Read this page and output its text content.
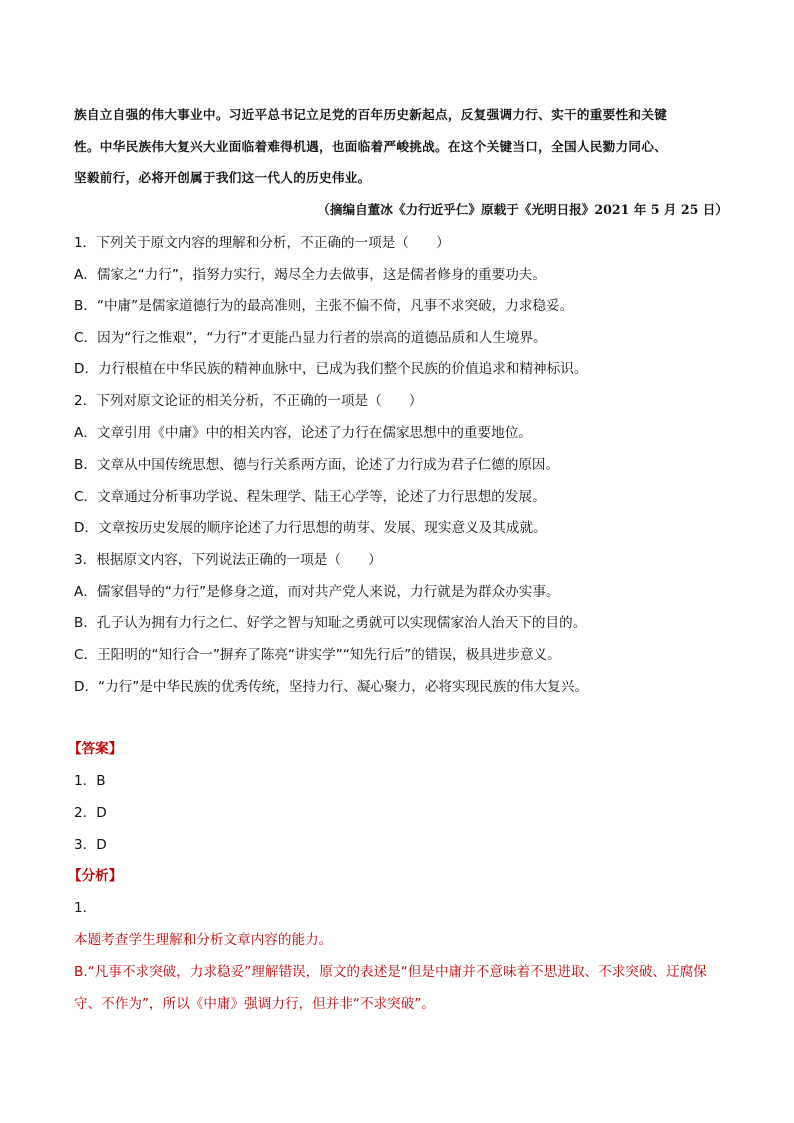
族自立自强的伟大事业中。习近平总书记立足党的百年历史新起点，反复强调力行、实干的重要性和关键
性。中华民族伟大复兴大业面临着难得机遇，也面临着严峻挑战。在这个关键当口，全国人民勠力同心、
坚毅前行，必将开创属于我们这一代人的历史伟业。
（摘编自董冰《力行近乎仁》原载于《光明日报》2021 年 5 月 25 日）
1．下列关于原文内容的理解和分析，不正确的一项是（　　）
A．儒家之“力行”，指努力实行，竭尽全力去做事，这是儒者修身的重要功夫。
B．“中庸”是儒家道德行为的最高准则，主张不偏不倚，凡事不求突破，力求稳妥。
C．因为“行之惟艰”，“力行”才更能凸显力行者的崇高的道德品质和人生境界。
D．力行根植在中华民族的精神血脉中，已成为我们整个民族的价值追求和精神标识。
2．下列对原文论证的相关分析，不正确的一项是（　　）
A．文章引用《中庸》中的相关内容，论述了力行在儒家思想中的重要地位。
B．文章从中国传统思想、德与行关系两方面，论述了力行成为君子仁德的原因。
C．文章通过分析事功学说、程朱理学、陆王心学等，论述了力行思想的发展。
D．文章按历史发展的顺序论述了力行思想的萌芽、发展、现实意义及其成就。
3．根据原文内容，下列说法正确的一项是（　　）
A．儒家倡导的“力行”是修身之道，而对共产党人来说，力行就是为群众办实事。
B．孔子认为拥有力行之仁、好学之智与知耻之勇就可以实现儒家治人治天下的目的。
C．王阳明的“知行合一”摒弃了陈亮“讲实学”“知先行后”的错误，极具进步意义。
D．“力行”是中华民族的优秀传统，坚持力行、凝心聚力，必将实现民族的伟大复兴。
【答案】
1．B
2．D
3．D
【分析】
1．
本题考查学生理解和分析文章内容的能力。
B.“凡事不求突破，力求稳妥”理解错误，原文的表述是“但是中庸并不意味着不思进取、不求突破、迂腐保
守、不作为”，所以《中庸》强调力行，但并非“不求突破”。
